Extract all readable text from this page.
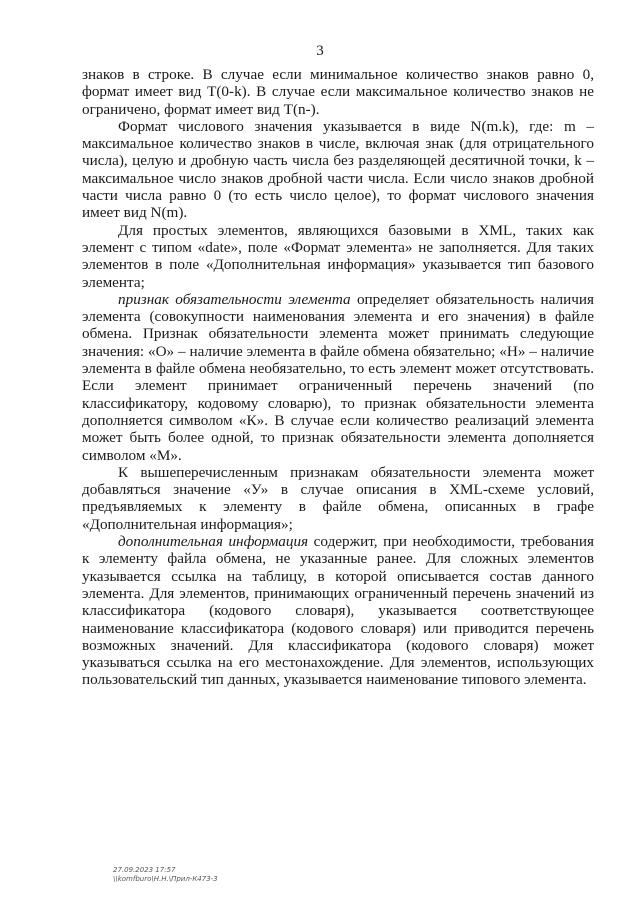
3

знаков в строке. В случае если минимальное количество знаков равно 0, формат имеет вид Т(0-k). В случае если максимальное количество знаков не ограничено, формат имеет вид Т(n-).

Формат числового значения указывается в виде N(m.k), где: m – максимальное количество знаков в числе, включая знак (для отрицательного числа), целую и дробную часть числа без разделяющей десятичной точки, k – максимальное число знаков дробной части числа. Если число знаков дробной части числа равно 0 (то есть число целое), то формат числового значения имеет вид N(m).

Для простых элементов, являющихся базовыми в XML, таких как элемент с типом «date», поле «Формат элемента» не заполняется. Для таких элементов в поле «Дополнительная информация» указывается тип базового элемента;

признак обязательности элемента определяет обязательность наличия элемента (совокупности наименования элемента и его значения) в файле обмена. Признак обязательности элемента может принимать следующие значения: «О» – наличие элемента в файле обмена обязательно; «Н» – наличие элемента в файле обмена необязательно, то есть элемент может отсутствовать. Если элемент принимает ограниченный перечень значений (по классификатору, кодовому словарю), то признак обязательности элемента дополняется символом «К». В случае если количество реализаций элемента может быть более одной, то признак обязательности элемента дополняется символом «М».

К вышеперечисленным признакам обязательности элемента может добавляться значение «У» в случае описания в XML-схеме условий, предъявляемых к элементу в файле обмена, описанных в графе «Дополнительная информация»;

дополнительная информация содержит, при необходимости, требования к элементу файла обмена, не указанные ранее. Для сложных элементов указывается ссылка на таблицу, в которой описывается состав данного элемента. Для элементов, принимающих ограниченный перечень значений из классификатора (кодового словаря), указывается соответствующее наименование классификатора (кодового словаря) или приводится перечень возможных значений. Для классификатора (кодового словаря) может указываться ссылка на его местонахождение. Для элементов, использующих пользовательский тип данных, указывается наименование типового элемента.

27.09.2023 17:57
\\komfburo\Н.Н.\Прил-К473-3
